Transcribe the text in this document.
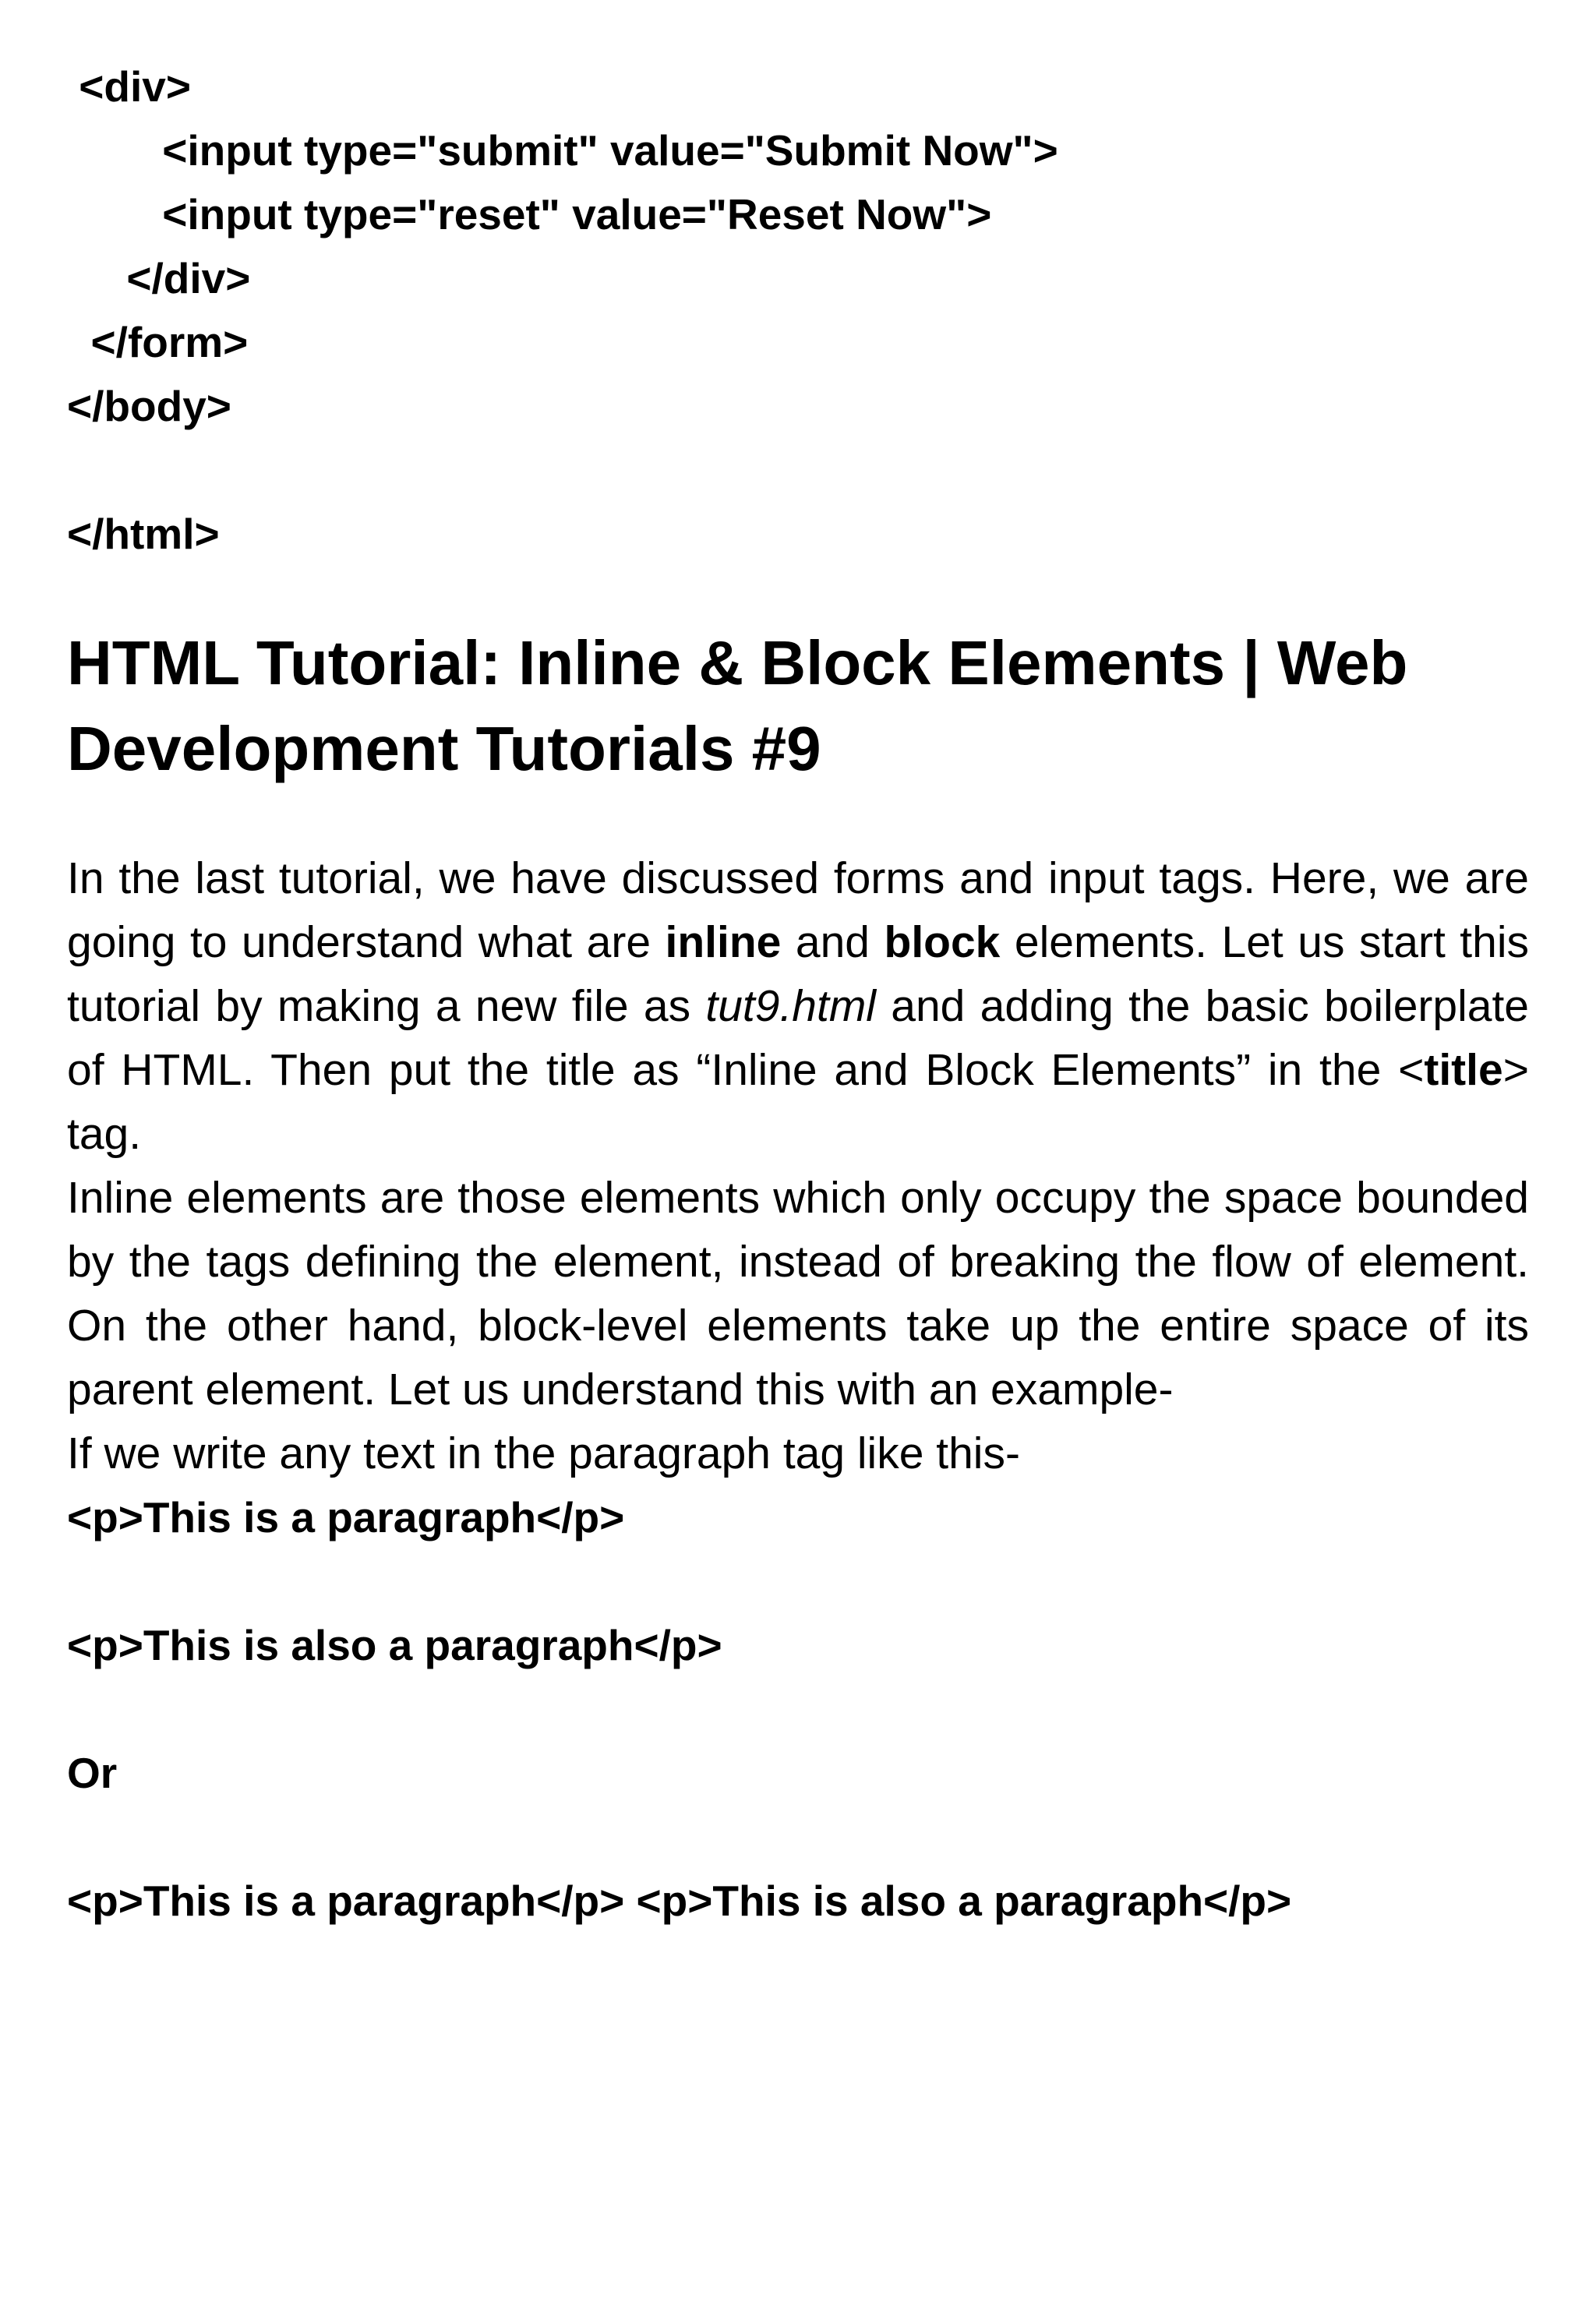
<div>
<input type="submit" value="Submit Now">
<input type="reset" value="Reset Now">
</div>
</form>
</body>
</html>
HTML Tutorial: Inline & Block Elements | Web Development Tutorials #9

In the last tutorial, we have discussed forms and input tags. Here, we are going to understand what are inline and block elements. Let us start this tutorial by making a new file as tut9.html and adding the basic boilerplate of HTML. Then put the title as “Inline and Block Elements” in the <title> tag.

Inline elements are those elements which only occupy the space bounded by the tags defining the element, instead of breaking the flow of element. On the other hand, block-level elements take up the entire space of its parent element. Let us understand this with an example-

If we write any text in the paragraph tag like this-

<p>This is a paragraph</p>
<p>This is also a paragraph</p>
Or
<p>This is a paragraph</p> <p>This is also a paragraph</p>
